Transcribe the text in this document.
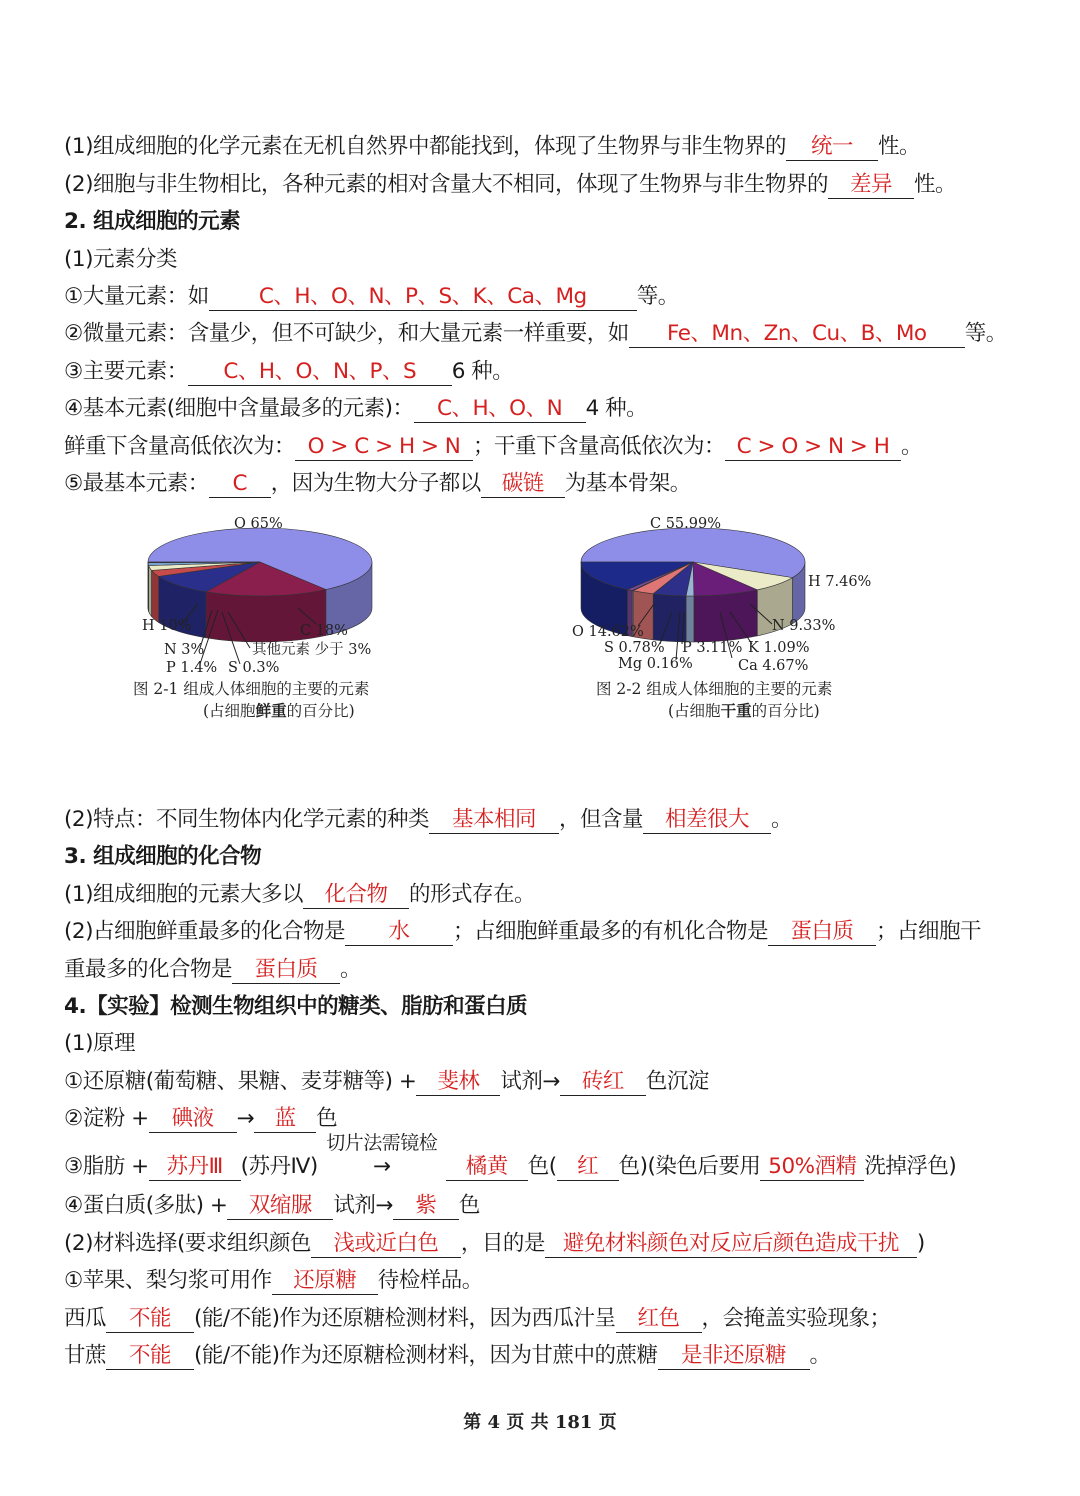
(1)组成细胞的化学元素在无机自然界中都能找到，体现了生物界与非生物界的 统一 性。
(2)细胞与非生物相比，各种元素的相对含量大不相同，体现了生物界与非生物界的 差异 性。
2. 组成细胞的元素
(1)元素分类
①大量元素：如 C、H、O、N、P、S、K、Ca、Mg 等。
②微量元素：含量少，但不可缺少，和大量元素一样重要，如 Fe、Mn、Zn、Cu、B、Mo 等。
③主要元素： C、H、O、N、P、S 6 种。
④基本元素(细胞中含量最多的元素)： C、H、O、N 4 种。
鲜重下含量高低依次为： O > C > H > N ；干重下含量高低依次为： C > O > N > H 。
⑤最基本元素： C ，因为生物大分子都以 碳链 为基本骨架。
O 65%
C 18%
H 10%
N 3%	其他元素 少于 3%
P 1.4% S 0.3%
C 55.99%
H 7.46%
N 9.33%
K 1.09%
Ca 4.67%
P 3.11%
Mg 0.16%
S 0.78%
O 14.62%
图 2-1 组成人体细胞的主要的元素
(占细胞鲜重的百分比)
图 2-2 组成人体细胞的主要的元素
(占细胞干重的百分比)
(2)特点：不同生物体内化学元素的种类 基本相同 ，但含量 相差很大 。
3. 组成细胞的化合物
(1)组成细胞的元素大多以 化合物 的形式存在。
(2)占细胞鲜重最多的化合物是 水 ；占细胞鲜重最多的有机化合物是 蛋白质 ；占细胞干
重最多的化合物是 蛋白质 。
4.【实验】检测生物组织中的糖类、脂肪和蛋白质
(1)原理
①还原糖(葡萄糖、果糖、麦芽糖等) + 斐林 试剂→ 砖红 色沉淀
②淀粉 + 碘液 → 蓝 色
③脂肪 + 苏丹Ⅲ (苏丹Ⅳ)
切片法需镜检
→	橘黄 色( 红 色)(染色后要用 50%酒精 洗掉浮色)
④蛋白质(多肽) + 双缩脲 试剂→ 紫 色
(2)材料选择(要求组织颜色 浅或近白色 ，目的是 避免材料颜色对反应后颜色造成干扰 )
①苹果、梨匀浆可用作 还原糖 待检样品。
西瓜 不能 (能/不能)作为还原糖检测材料，因为西瓜汁呈 红色 ，会掩盖实验现象；
甘蔗 不能 (能/不能)作为还原糖检测材料，因为甘蔗中的蔗糖 是非还原糖 。
第 4 页 共 181 页
